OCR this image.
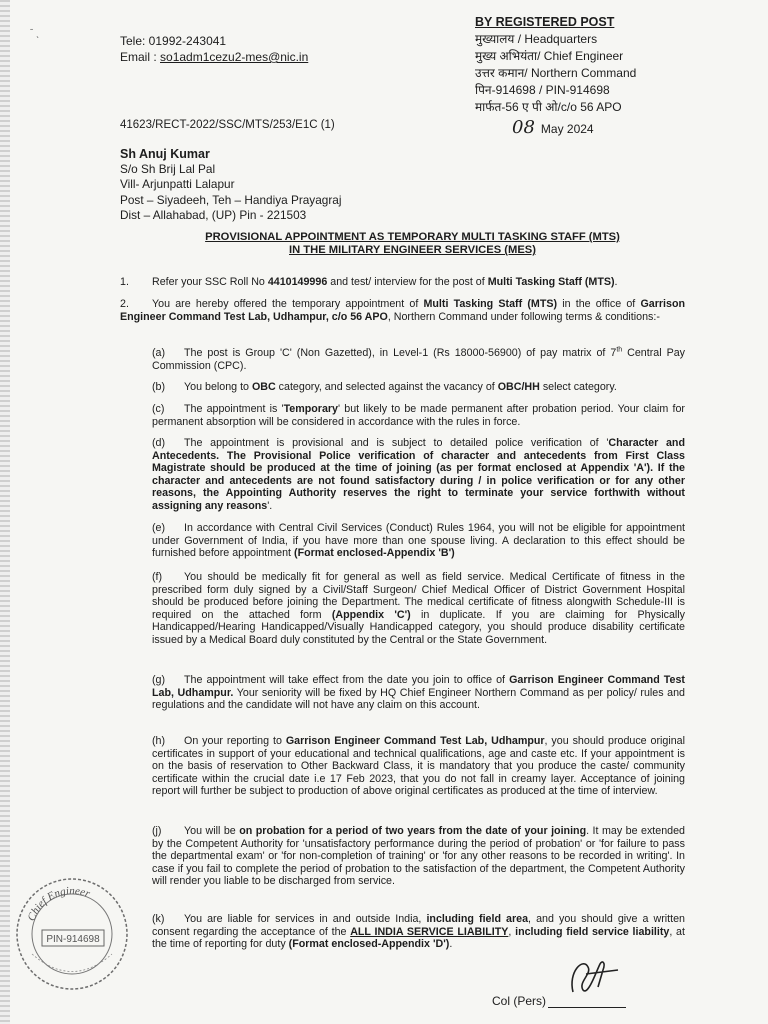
ˉ ˎ
Tele: 01992-243041
Email : so1adm1cezu2-mes@nic.in
BY REGISTERED POST
मुख्यालय / Headquarters
मुख्य अभियंता/ Chief Engineer
उत्तर कमान/ Northern Command
पिन-914698 / PIN-914698
मार्फत-56 ए पी ओ/c/o 56 APO
41623/RECT-2022/SSC/MTS/253/E1C (1)	08 May 2024
Sh Anuj Kumar
S/o Sh Brij Lal Pal
Vill- Arjunpatti Lalapur
Post – Siyadeeh, Teh – Handiya Prayagraj
Dist – Allahabad, (UP) Pin - 221503
PROVISIONAL APPOINTMENT AS TEMPORARY MULTI TASKING STAFF (MTS)
IN THE MILITARY ENGINEER SERVICES (MES)

1. Refer your SSC Roll No 4410149996 and test/ interview for the post of Multi Tasking Staff (MTS).

2. You are hereby offered the temporary appointment of Multi Tasking Staff (MTS) in the office of Garrison Engineer Command Test Lab, Udhampur, c/o 56 APO, Northern Command under following terms & conditions:-

(a) The post is Group 'C' (Non Gazetted), in Level-1 (Rs 18000-56900) of pay matrix of 7th Central Pay Commission (CPC).

(b) You belong to OBC category, and selected against the vacancy of OBC/HH select category.

(c) The appointment is 'Temporary' but likely to be made permanent after probation period. Your claim for permanent absorption will be considered in accordance with the rules in force.

(d) The appointment is provisional and is subject to detailed police verification of 'Character and Antecedents. The Provisional Police verification of character and antecedents from First Class Magistrate should be produced at the time of joining (as per format enclosed at Appendix 'A'). If the character and antecedents are not found satisfactory during / in police verification or for any other reasons, the Appointing Authority reserves the right to terminate your service forthwith without assigning any reasons'.

(e) In accordance with Central Civil Services (Conduct) Rules 1964, you will not be eligible for appointment under Government of India, if you have more than one spouse living. A declaration to this effect should be furnished before appointment (Format enclosed-Appendix 'B')

(f) You should be medically fit for general as well as field service. Medical Certificate of fitness in the prescribed form duly signed by a Civil/Staff Surgeon/ Chief Medical Officer of District Government Hospital should be produced before joining the Department. The medical certificate of fitness alongwith Schedule-III is required on the attached form (Appendix 'C') in duplicate. If you are claiming for Physically Handicapped/Hearing Handicapped/Visually Handicapped category, you should produce disability certificate issued by a Medical Board duly constituted by the Central or the State Government.

(g) The appointment will take effect from the date you join to office of Garrison Engineer Command Test Lab, Udhampur. Your seniority will be fixed by HQ Chief Engineer Northern Command as per policy/ rules and regulations and the candidate will not have any claim on this account.

(h) On your reporting to Garrison Engineer Command Test Lab, Udhampur, you should produce original certificates in support of your educational and technical qualifications, age and caste etc. If your appointment is on the basis of reservation to Other Backward Class, it is mandatory that you produce the caste/ community certificate within the crucial date i.e 17 Feb 2023, that you do not fall in creamy layer. Acceptance of joining report will further be subject to production of above original certificates as produced at the time of interview.

(j) You will be on probation for a period of two years from the date of your joining. It may be extended by the Competent Authority for 'unsatisfactory performance during the period of probation' or 'for failure to pass the departmental exam' or 'for non-completion of training' or 'for any other reasons to be recorded in writing'. In case if you fail to complete the period of probation to the satisfaction of the department, the Competent Authority will render you liable to be discharged from service.

(k) You are liable for services in and outside India, including field area, and you should give a written consent regarding the acceptance of the ALL INDIA SERVICE LIABILITY, including field service liability, at the time of reporting for duty (Format enclosed-Appendix 'D').

Chief Engineer
PIN-914698
Col (Pers)
